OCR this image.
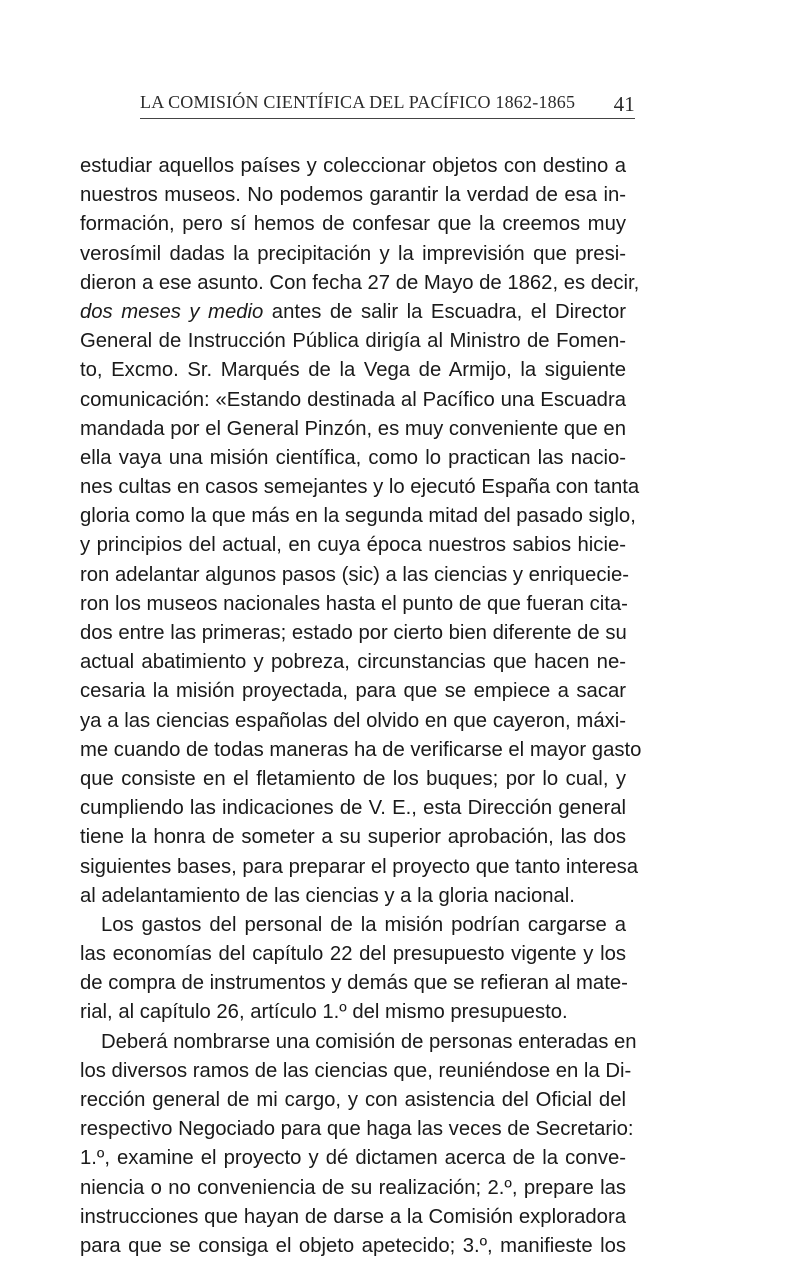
LA COMISIÓN CIENTÍFICA DEL PACÍFICO 1862-1865 41
estudiar aquellos países y coleccionar objetos con destino a
nuestros museos. No podemos garantir la verdad de esa in-
formación, pero sí hemos de confesar que la creemos muy
verosímil dadas la precipitación y la imprevisión que presi-
dieron a ese asunto. Con fecha 27 de Mayo de 1862, es decir,
dos meses y medio antes de salir la Escuadra, el Director
General de Instrucción Pública dirigía al Ministro de Fomen-
to, Excmo. Sr. Marqués de la Vega de Armijo, la siguiente
comunicación: «Estando destinada al Pacífico una Escuadra
mandada por el General Pinzón, es muy conveniente que en
ella vaya una misión científica, como lo practican las nacio-
nes cultas en casos semejantes y lo ejecutó España con tanta
gloria como la que más en la segunda mitad del pasado siglo,
y principios del actual, en cuya época nuestros sabios hicie-
ron adelantar algunos pasos (sic) a las ciencias y enriquecie-
ron los museos nacionales hasta el punto de que fueran cita-
dos entre las primeras; estado por cierto bien diferente de su
actual abatimiento y pobreza, circunstancias que hacen ne-
cesaria la misión proyectada, para que se empiece a sacar
ya a las ciencias españolas del olvido en que cayeron, máxi-
me cuando de todas maneras ha de verificarse el mayor gasto
que consiste en el fletamiento de los buques; por lo cual, y
cumpliendo las indicaciones de V. E., esta Dirección general
tiene la honra de someter a su superior aprobación, las dos
siguientes bases, para preparar el proyecto que tanto interesa
al adelantamiento de las ciencias y a la gloria nacional.
Los gastos del personal de la misión podrían cargarse a
las economías del capítulo 22 del presupuesto vigente y los
de compra de instrumentos y demás que se refieran al mate-
rial, al capítulo 26, artículo 1.º del mismo presupuesto.
Deberá nombrarse una comisión de personas enteradas en
los diversos ramos de las ciencias que, reuniéndose en la Di-
rección general de mi cargo, y con asistencia del Oficial del
respectivo Negociado para que haga las veces de Secretario:
1.º, examine el proyecto y dé dictamen acerca de la conve-
niencia o no conveniencia de su realización; 2.º, prepare las
instrucciones que hayan de darse a la Comisión exploradora
para que se consiga el objeto apetecido; 3.º, manifieste los
